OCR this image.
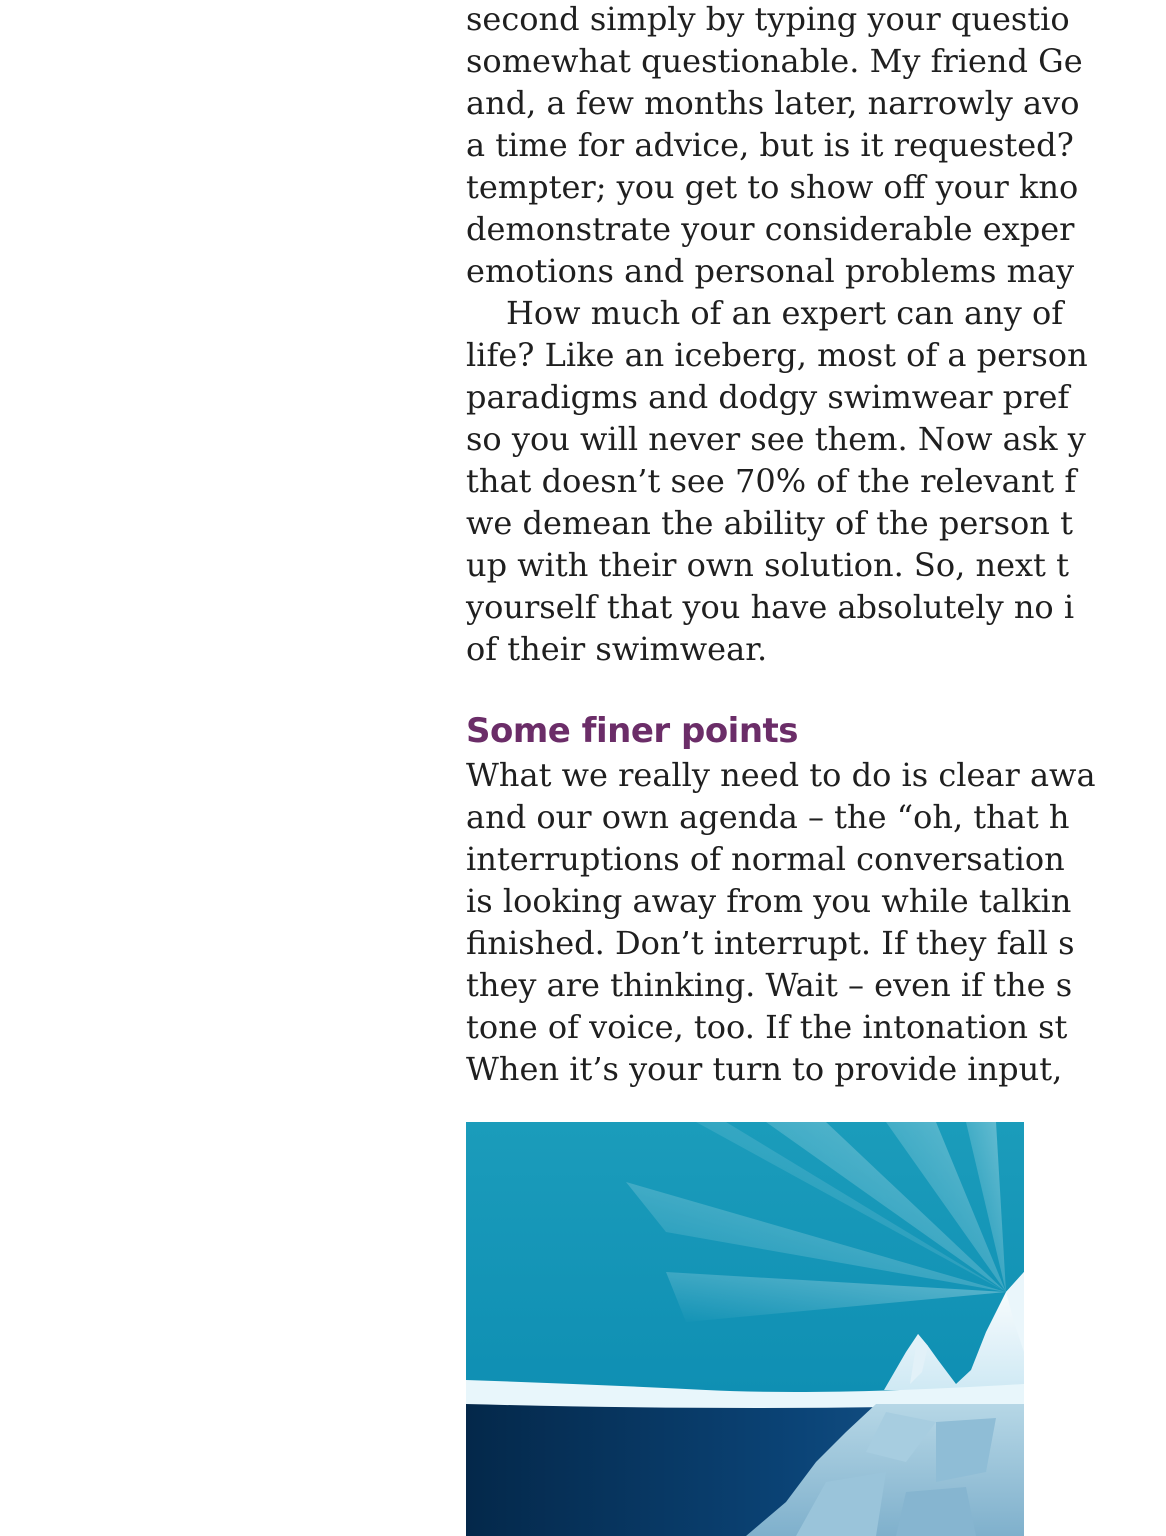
second simply by typing your questio
somewhat questionable. My friend Ge
and, a few months later, narrowly avo
a time for advice, but is it requested?
tempter; you get to show off your kno
demonstrate your considerable exper
emotions and personal problems may
How much of an expert can any of
life? Like an iceberg, most of a person
paradigms and dodgy swimwear pref
so you will never see them. Now ask y
that doesn’t see 70% of the relevant f
we demean the ability of the person t
up with their own solution. So, next t
yourself that you have absolutely no i
of their swimwear.
Some finer points
What we really need to do is clear awa
and our own agenda – the “oh, that h
interruptions of normal conversation
is looking away from you while talkin
finished. Don’t interrupt. If they fall s
they are thinking. Wait – even if the s
tone of voice, too. If the intonation st
When it’s your turn to provide input,
